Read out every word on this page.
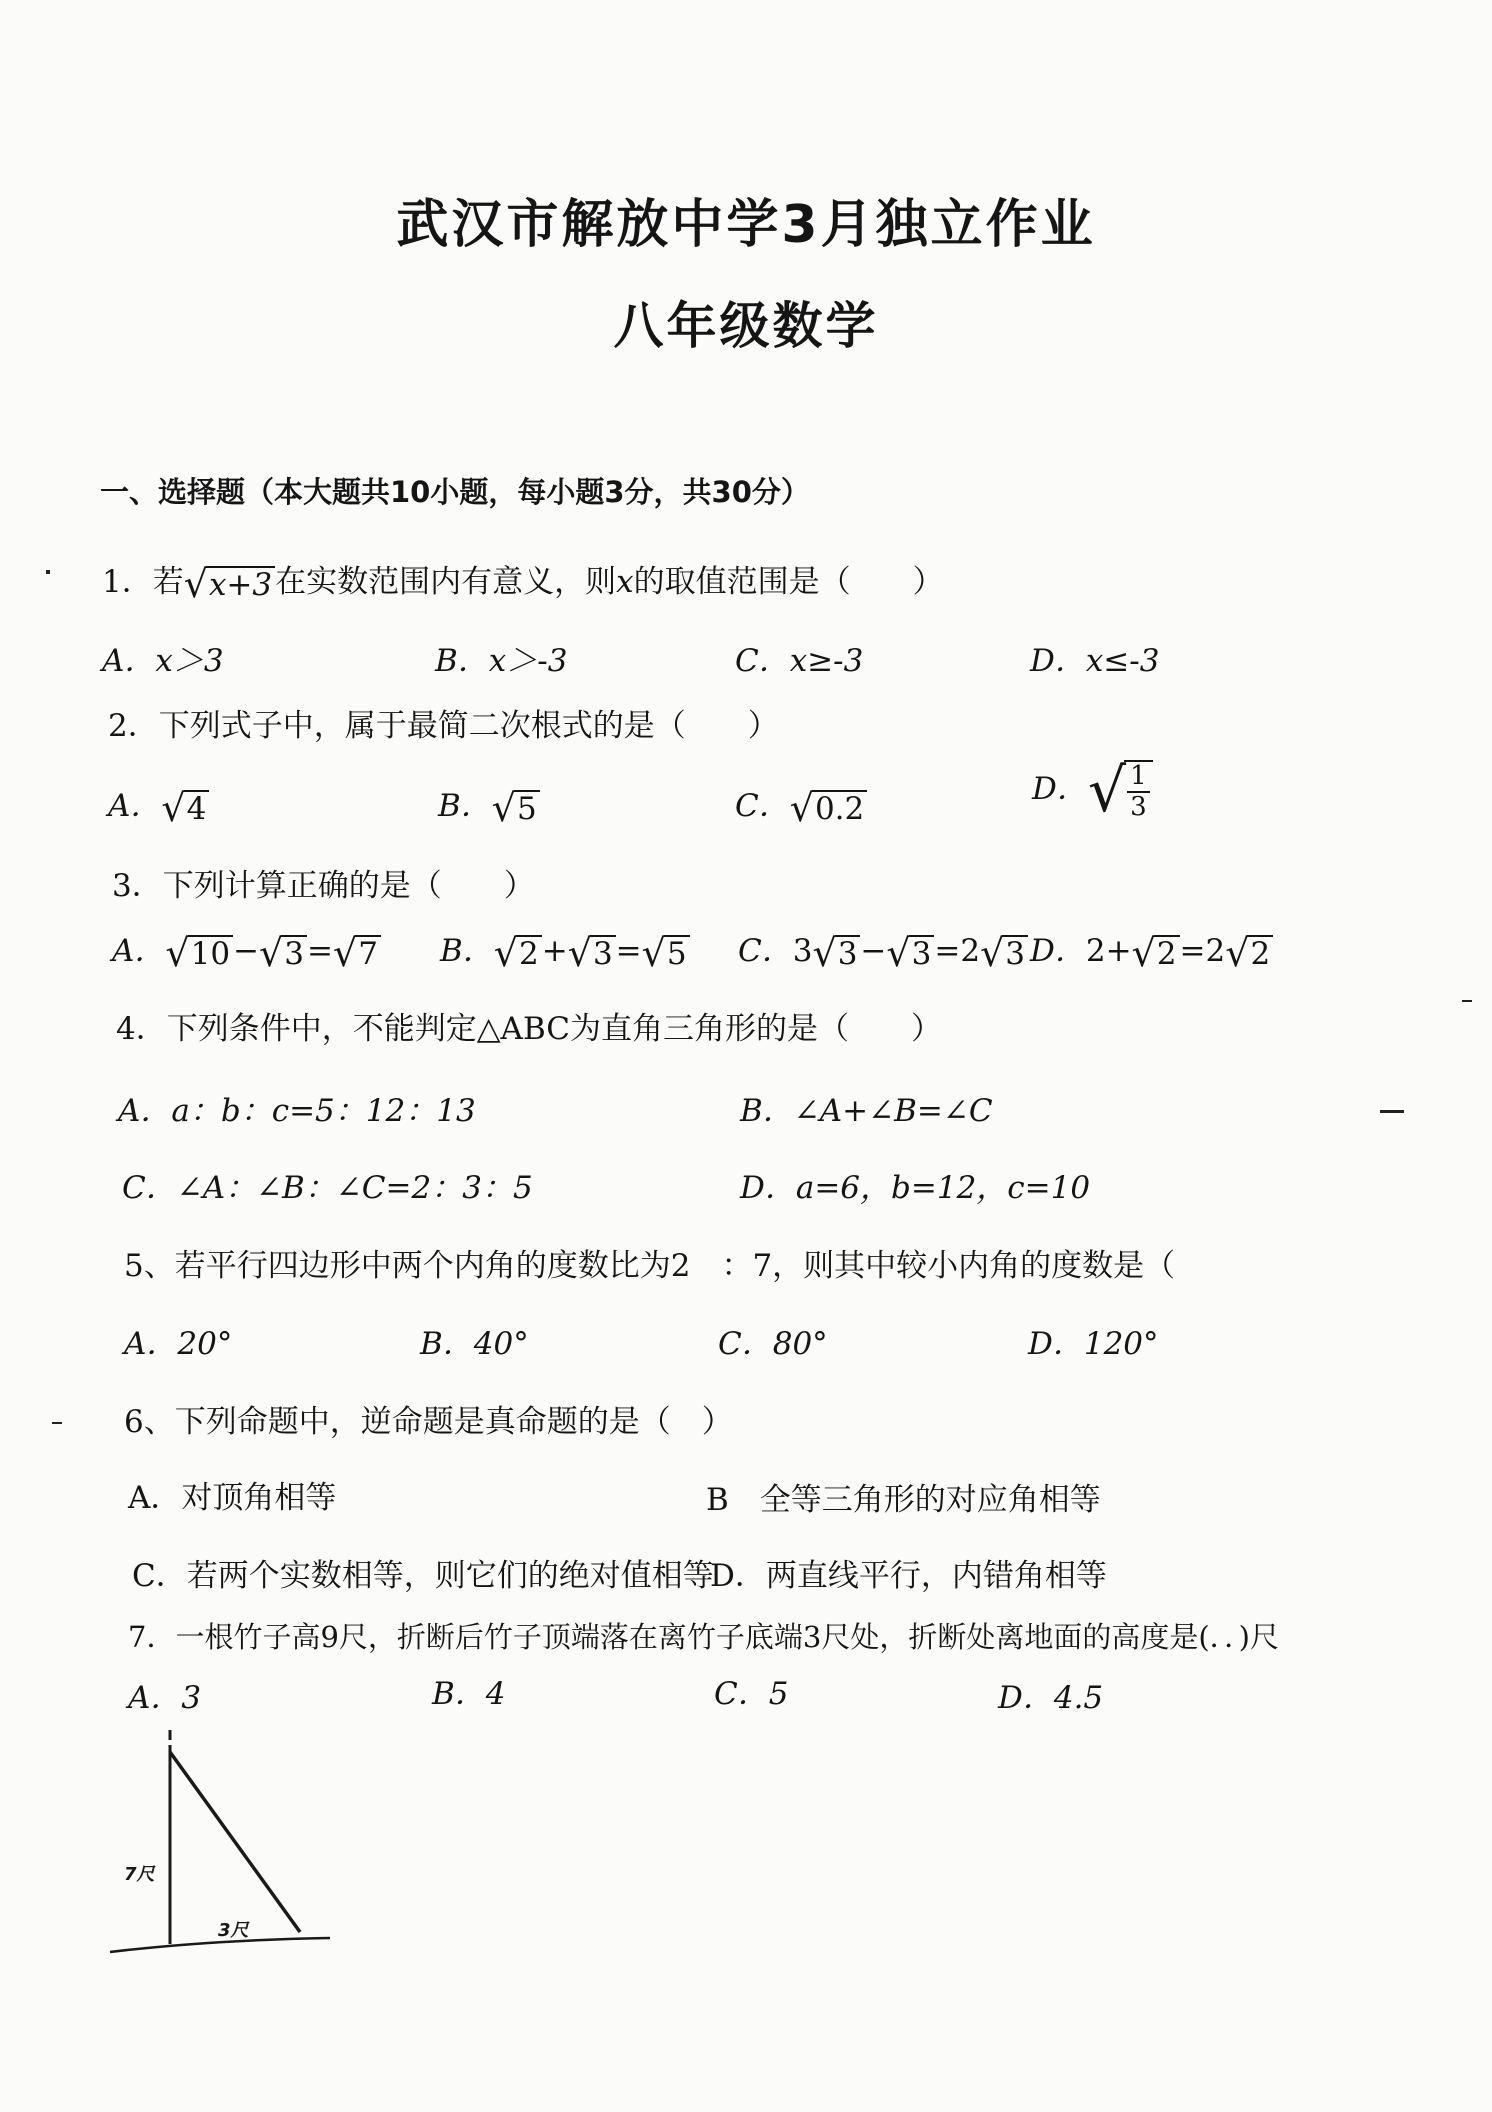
武汉市解放中学3月独立作业
八年级数学
一、选择题（本大题共10小题，每小题3分，共30分）
1．若 √ x+3 在实数范围内有意义，则x的取值范围是（　　）
A．x＞3	B．x＞-3	C．x≥-3	D．x≤-3
2．下列式子中，属于最简二次根式的是（　　）
A． √ 4	B． √ 5	C． √ 0.2
D． √ $\frac{1}{3}$
3．下列计算正确的是（　　）
A． √ 10 − √ 3 = √ 7 B． √ 2 + √ 3 = √ 5 C．3 √ 3 − √ 3 =2 √ 3 D．2+ √ 2 =2 √ 2
4．下列条件中，不能判定△ABC为直角三角形的是（　　）
A．a：b：c=5：12：13	B．∠A+∠B=∠C
C．∠A：∠B：∠C=2：3：5	D．a=6，b=12，c=10
5、若平行四边形中两个内角的度数比为2　：7，则其中较小内角的度数是（
A．20°	B．40°	C．80°	D．120°
6、下列命题中，逆命题是真命题的是（　）
A．对顶角相等	B　全等三角形的对应角相等
C．若两个实数相等，则它们的绝对值相等
D．两直线平行，内错角相等
7．一根竹子高9尺，折断后竹子顶端落在离竹子底端3尺处，折断处离地面的高度是(．．)尺
A．3	B．4	C．5	D．4.5
7尺
3尺
